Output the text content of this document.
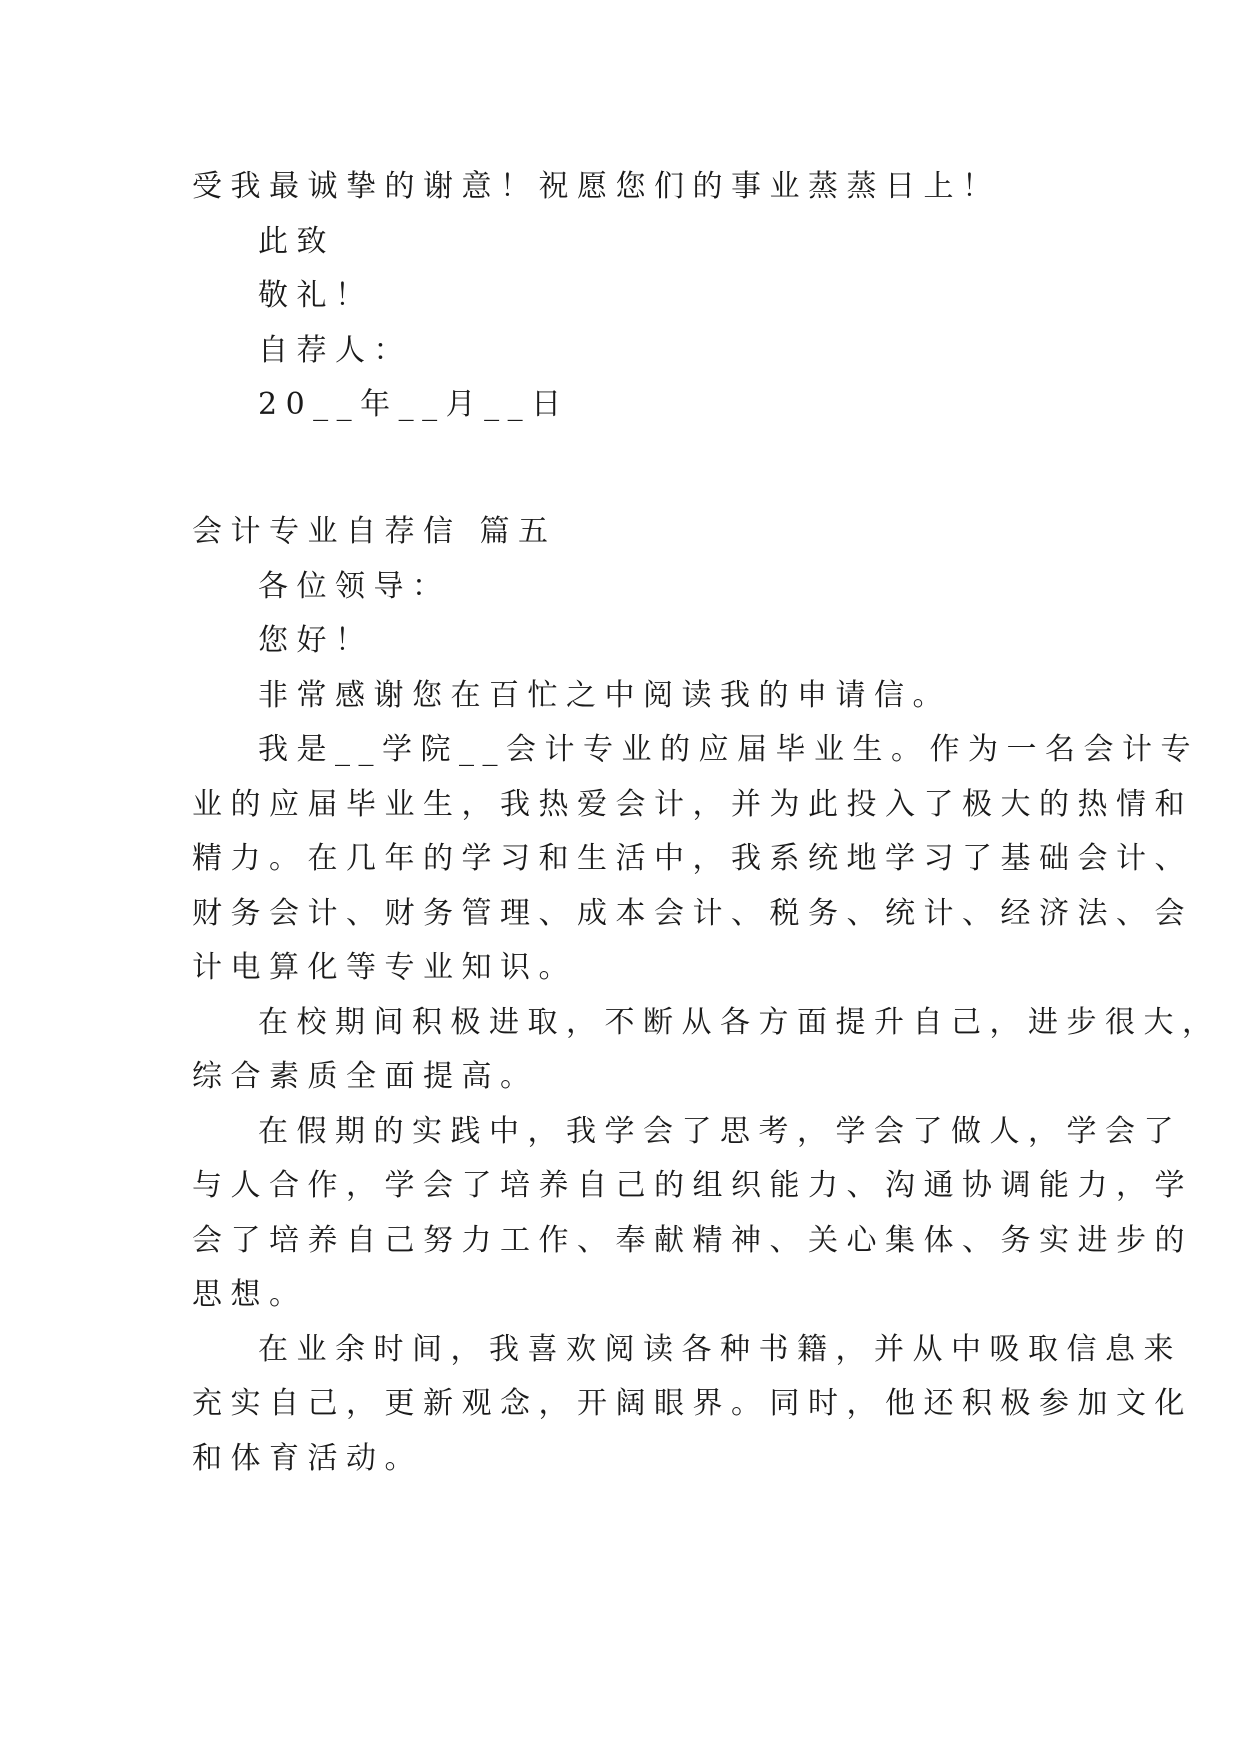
受我最诚挚的谢意！祝愿您们的事业蒸蒸日上！
此致
敬礼！
自荐人：
20__年__月__日
会计专业自荐信 篇五
各位领导：
您好！
非常感谢您在百忙之中阅读我的申请信。
我是__学院__会计专业的应届毕业生。作为一名会计专
业的应届毕业生，我热爱会计，并为此投入了极大的热情和
精力。在几年的学习和生活中，我系统地学习了基础会计、
财务会计、财务管理、成本会计、税务、统计、经济法、会
计电算化等专业知识。
在校期间积极进取，不断从各方面提升自己，进步很大，
综合素质全面提高。
在假期的实践中，我学会了思考，学会了做人，学会了
与人合作，学会了培养自己的组织能力、沟通协调能力，学
会了培养自己努力工作、奉献精神、关心集体、务实进步的
思想。
在业余时间，我喜欢阅读各种书籍，并从中吸取信息来
充实自己，更新观念，开阔眼界。同时，他还积极参加文化
和体育活动。
